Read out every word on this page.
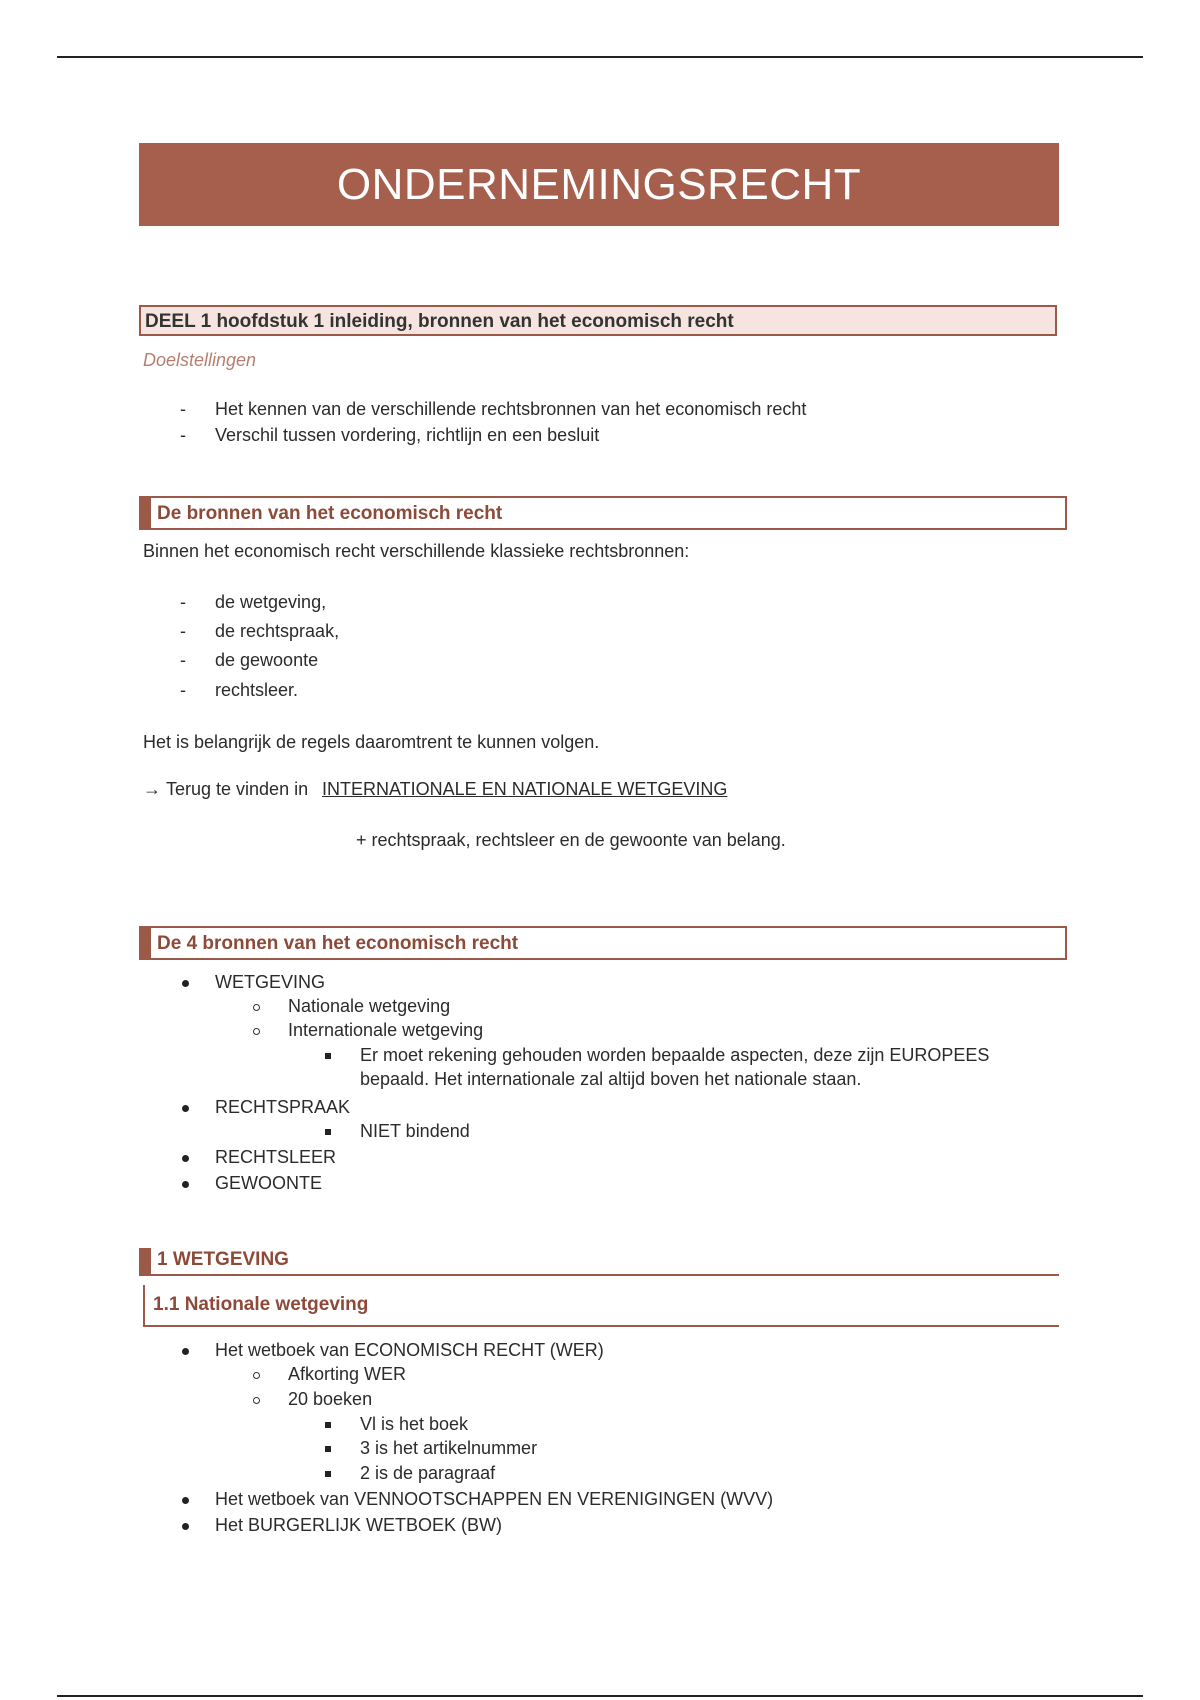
ONDERNEMINGSRECHT
DEEL 1 hoofdstuk 1 inleiding, bronnen van het economisch recht
Doelstellingen
- Het kennen van de verschillende rechtsbronnen van het economisch recht
- Verschil tussen vordering, richtlijn en een besluit
De bronnen van het economisch recht
Binnen het economisch recht verschillende klassieke rechtsbronnen:
- de wetgeving,
- de rechtspraak,
- de gewoonte
- rechtsleer.
Het is belangrijk de regels daaromtrent te kunnen volgen.
→ Terug te vinden in INTERNATIONALE EN NATIONALE WETGEVING
+ rechtspraak, rechtsleer en de gewoonte van belang.
De 4 bronnen van het economisch recht
WETGEVING
Nationale wetgeving
Internationale wetgeving
Er moet rekening gehouden worden bepaalde aspecten, deze zijn EUROPEES
bepaald. Het internationale zal altijd boven het nationale staan.
RECHTSPRAAK
NIET bindend
RECHTSLEER
GEWOONTE
1 WETGEVING
1.1 Nationale wetgeving
Het wetboek van ECONOMISCH RECHT (WER)
Afkorting WER
20 boeken
Vl is het boek
3 is het artikelnummer
2 is de paragraaf
Het wetboek van VENNOOTSCHAPPEN EN VERENIGINGEN (WVV)
Het BURGERLIJK WETBOEK (BW)
